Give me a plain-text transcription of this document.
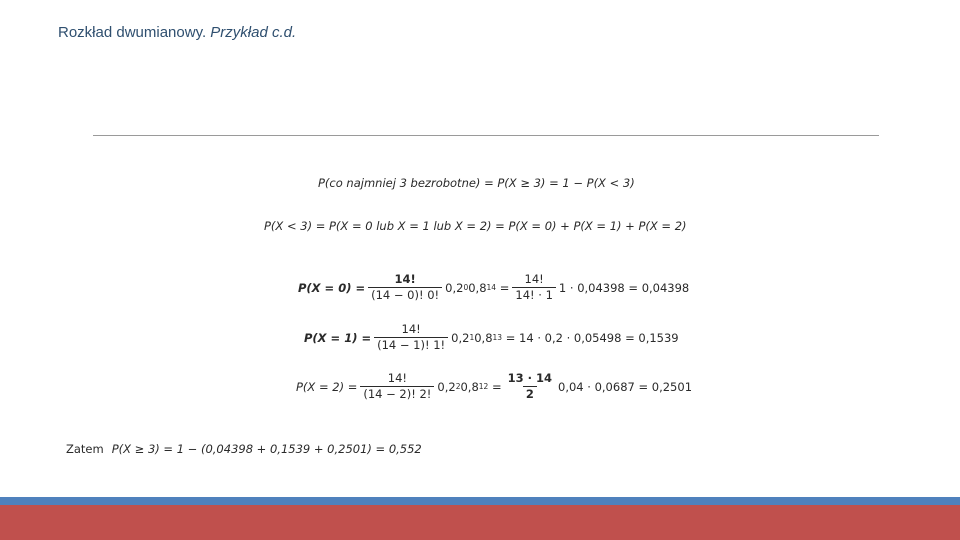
Rozkład dwumianowy. Przykład c.d.
P(co najmniej 3 bezrobotne)
= P(X ≥ 3) = 1 − P(X < 3)
P(X < 3) = P(X = 0 lub X = 1 lub X = 2) = P(X = 0) + P(X = 1) + P(X = 2)
$P(X = 0) = \frac{14!}{(14 - 0)! 0!} 0,2$ 0 0,8 14
= $\frac{14!}{14! \cdot 1} 1 \cdot 0,04398 = 0,04398$
$P(X = 1) = \frac{14!}{(14 - 1)! 1!} 0,2$ 1 0,8 13
= 14 · 0,2 · 0,05498 = 0,1539
$P(X = 2) = \frac{14!}{(14 - 2)! 2!} 0,2$ 2 0,8 12
= $\frac{13 \cdot 14}{2} 0,04 \cdot 0,0687 = 0,2501$
Zatem P(X ≥ 3) = 1 − (0,04398 + 0,1539 + 0,2501) = 0,552
